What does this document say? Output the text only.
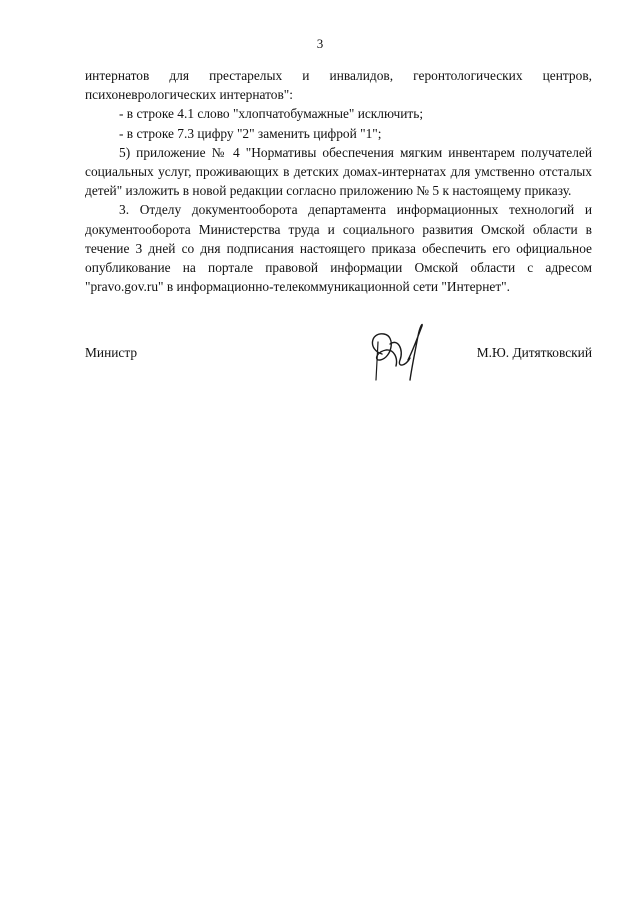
3

интернатов для престарелых и инвалидов, геронтологических центров, психоневрологических интернатов":

- в строке 4.1 слово "хлопчатобумажные" исключить;

- в строке 7.3 цифру "2" заменить цифрой "1";

5) приложение № 4 "Нормативы обеспечения мягким инвентарем получателей социальных услуг, проживающих в детских домах-интернатах для умственно отсталых детей" изложить в новой редакции согласно приложению № 5 к настоящему приказу.

3. Отделу документооборота департамента информационных технологий и документооборота Министерства труда и социального развития Омской области в течение 3 дней со дня подписания настоящего приказа обеспечить его официальное опубликование на портале правовой информации Омской области с адресом "pravo.gov.ru" в информационно-телекоммуникационной сети "Интернет".

Министр	М.Ю. Дитятковский
